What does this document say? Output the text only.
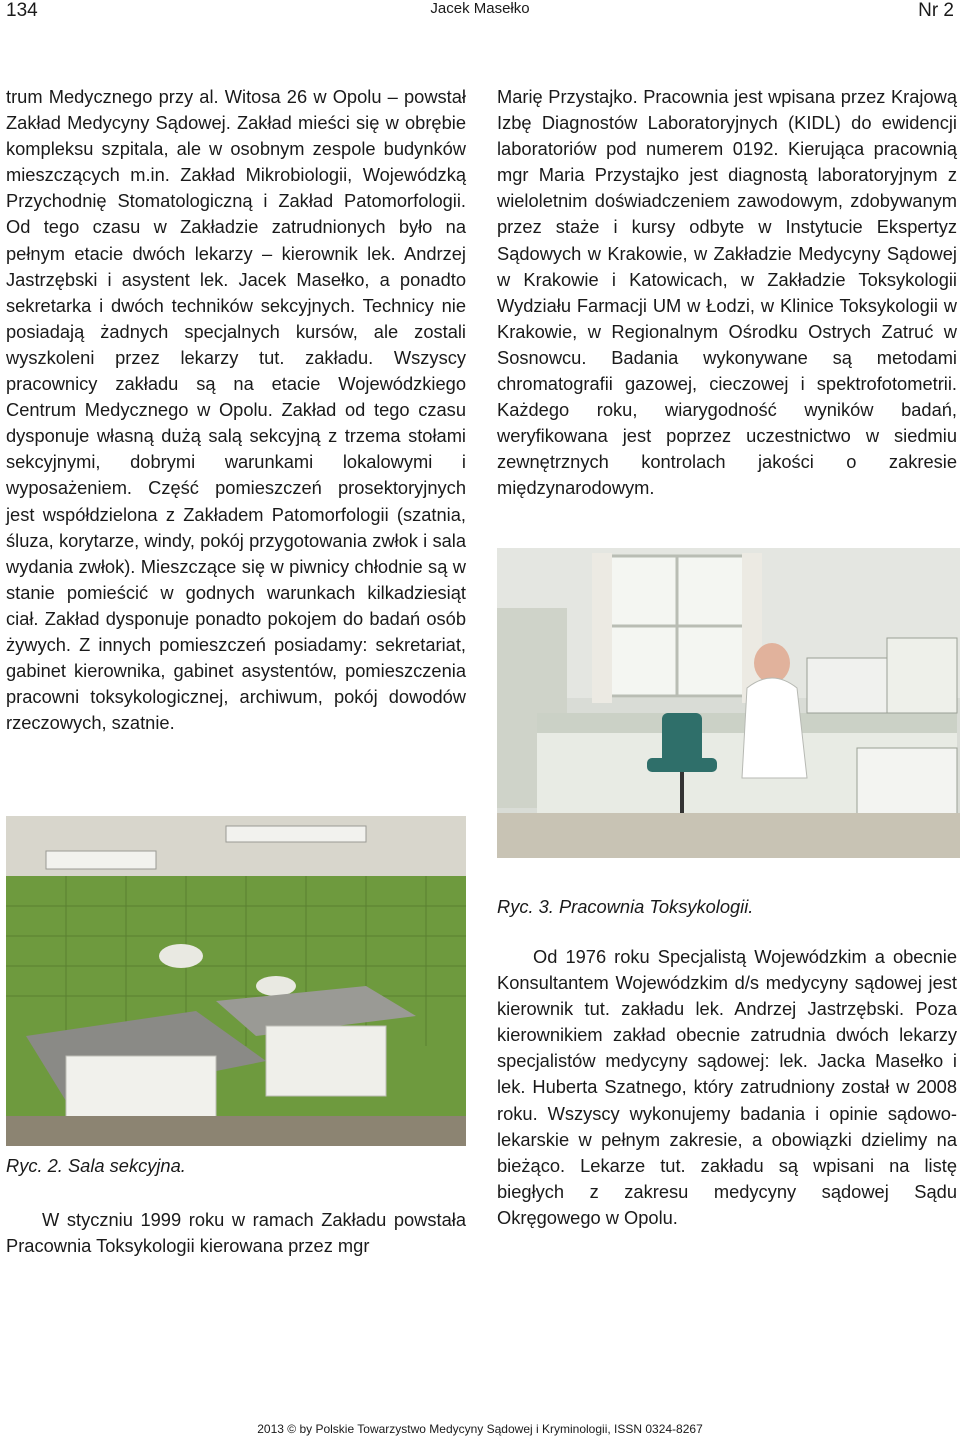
134	Jacek Masełko	Nr 2

trum Medycznego przy al. Witosa 26 w Opolu – powstał Zakład Medycyny Sądowej. Zakład mieści się w obrębie kompleksu szpitala, ale w osobnym zespole budynków mieszczących m.in. Zakład Mikrobiologii, Wojewódzką Przychodnię Stomatologiczną i Zakład Patomorfologii. Od tego czasu w Zakładzie zatrudnionych było na pełnym etacie dwóch lekarzy – kierownik lek. Andrzej Jastrzębski i asystent lek. Jacek Masełko, a ponadto sekretarka i dwóch techników sekcyjnych. Technicy nie posiadają żadnych specjalnych kursów, ale zostali wyszkoleni przez lekarzy tut. zakładu. Wszyscy pracownicy zakładu są na etacie Wojewódzkiego Centrum Medycznego w Opolu. Zakład od tego czasu dysponuje własną dużą salą sekcyjną z trzema stołami sekcyjnymi, dobrymi warunkami lokalowymi i wyposażeniem. Część pomieszczeń prosektoryjnych jest współdzielona z Zakładem Patomorfologii (szatnia, śluza, korytarze, windy, pokój przygotowania zwłok i sala wydania zwłok). Mieszczące się w piwnicy chłodnie są w stanie pomieścić w godnych warunkach kilkadziesiąt ciał. Zakład dysponuje ponadto pokojem do badań osób żywych. Z innych pomieszczeń posiadamy: sekretariat, gabinet kierownika, gabinet asystentów, pomieszczenia pracowni toksykologicznej, archiwum, pokój dowodów rzeczowych, szatnie.

Marię Przystajko. Pracownia jest wpisana przez Krajową Izbę Diagnostów Laboratoryjnych (KIDL) do ewidencji laboratoriów pod numerem 0192. Kierująca pracownią mgr Maria Przystajko jest diagnostą laboratoryjnym z wieloletnim doświadczeniem zawodowym, zdobywanym przez staże i kursy odbyte w Instytucie Ekspertyz Sądowych w Krakowie, w Zakładzie Medycyny Sądowej w Krakowie i Katowicach, w Zakładzie Toksykologii Wydziału Farmacji UM w Łodzi, w Klinice Toksykologii w Krakowie, w Regionalnym Ośrodku Ostrych Zatruć w Sosnowcu. Badania wykonywane są metodami chromatografii gazowej, cieczowej i spektrofotometrii. Każdego roku, wiarygodność wyników badań, weryfikowana jest poprzez uczestnictwo w siedmiu zewnętrznych kontrolach jakości o zakresie międzynarodowym.

Ryc. 3. Pracownia Toksykologii.

Od 1976 roku Specjalistą Wojewódzkim a obecnie Konsultantem Wojewódzkim d/s medycyny sądowej jest kierownik tut. zakładu lek. Andrzej Jastrzębski. Poza kierownikiem zakład obecnie zatrudnia dwóch lekarzy specjalistów medycyny sądowej: lek. Jacka Masełko i lek. Huberta Szatnego, który zatrudniony został w 2008 roku. Wszyscy wykonujemy badania i opinie sądowo-lekarskie w pełnym zakresie, a obowiązki dzielimy na bieżąco. Lekarze tut. zakładu są wpisani na listę biegłych z zakresu medycyny sądowej Sądu Okręgowego w Opolu.

Ryc. 2. Sala sekcyjna.

W styczniu 1999 roku w ramach Zakładu powstała Pracownia Toksykologii kierowana przez mgr

2013 © by Polskie Towarzystwo Medycyny Sądowej i Kryminologii, ISSN 0324-8267
